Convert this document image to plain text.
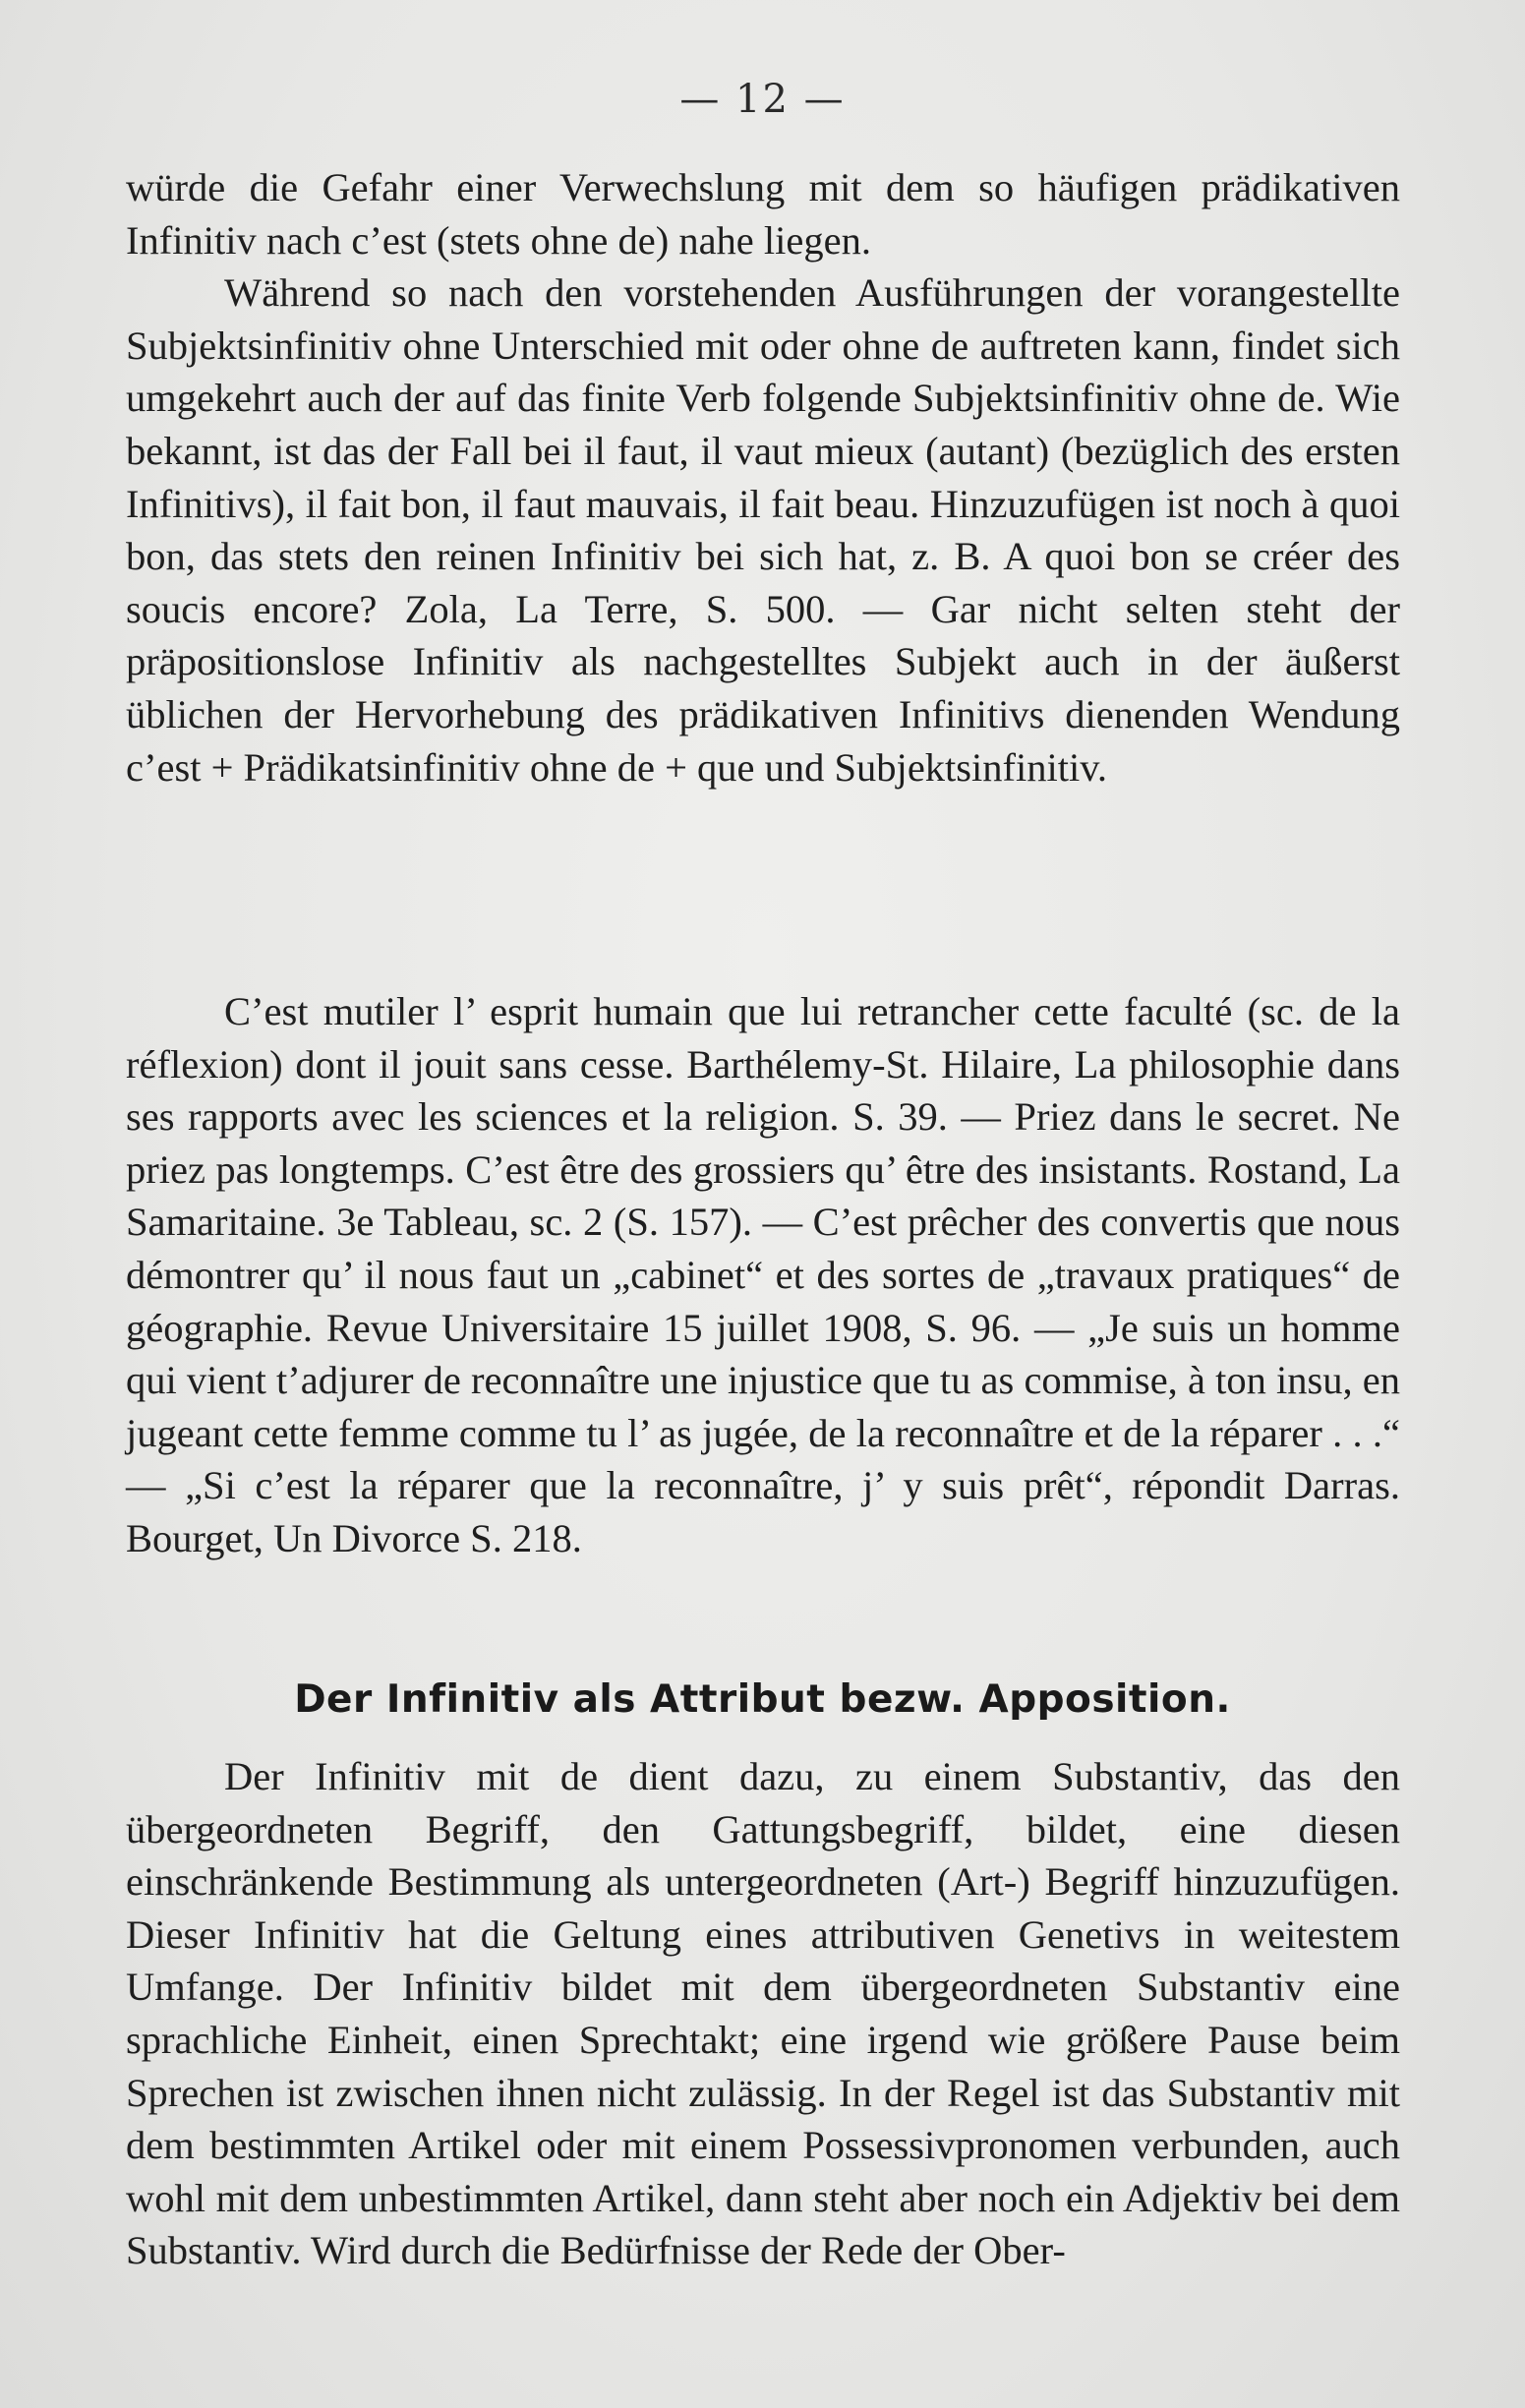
— 12 —

würde die Gefahr einer Verwechslung mit dem so häufigen prädikativen Infinitiv nach c’est (stets ohne de) nahe liegen.

Während so nach den vorstehenden Ausführungen der vorangestellte Subjektsinfinitiv ohne Unterschied mit oder ohne de auftreten kann, findet sich umgekehrt auch der auf das finite Verb folgende Subjektsinfinitiv ohne de. Wie bekannt, ist das der Fall bei il faut, il vaut mieux (autant) (bezüglich des ersten Infinitivs), il fait bon, il faut mauvais, il fait beau. Hinzuzufügen ist noch à quoi bon, das stets den reinen Infinitiv bei sich hat, z. B. A quoi bon se créer des soucis encore? Zola, La Terre, S. 500. — Gar nicht selten steht der präpositionslose Infinitiv als nachgestelltes Subjekt auch in der äußerst üblichen der Hervorhebung des prädikativen Infinitivs dienenden Wendung c’est + Prädikatsinfinitiv ohne de + que und Subjektsinfinitiv.

C’est mutiler l’ esprit humain que lui retrancher cette faculté (sc. de la réflexion) dont il jouit sans cesse. Barthélemy-St. Hilaire, La philosophie dans ses rapports avec les sciences et la religion. S. 39. — Priez dans le secret. Ne priez pas longtemps. C’est être des grossiers qu’ être des insistants. Rostand, La Samaritaine. 3e Tableau, sc. 2 (S. 157). — C’est prêcher des convertis que nous démontrer qu’ il nous faut un „cabinet“ et des sortes de „travaux pratiques“ de géographie. Revue Universitaire 15 juillet 1908, S. 96. — „Je suis un homme qui vient t’adjurer de reconnaître une injustice que tu as commise, à ton insu, en jugeant cette femme comme tu l’ as jugée, de la reconnaître et de la réparer . . .“ — „Si c’est la réparer que la reconnaître, j’ y suis prêt“, répondit Darras. Bourget, Un Divorce S. 218.

Der Infinitiv als Attribut bezw. Apposition.

Der Infinitiv mit de dient dazu, zu einem Substantiv, das den übergeordneten Begriff, den Gattungsbegriff, bildet, eine diesen einschränkende Bestimmung als untergeordneten (Art-) Begriff hinzuzufügen. Dieser Infinitiv hat die Geltung eines attributiven Genetivs in weitestem Umfange. Der Infinitiv bildet mit dem übergeordneten Substantiv eine sprachliche Einheit, einen Sprechtakt; eine irgend wie größere Pause beim Sprechen ist zwischen ihnen nicht zulässig. In der Regel ist das Substantiv mit dem bestimmten Artikel oder mit einem Possessivpronomen verbunden, auch wohl mit dem unbestimmten Artikel, dann steht aber noch ein Adjektiv bei dem Substantiv. Wird durch die Bedürfnisse der Rede der Ober-
